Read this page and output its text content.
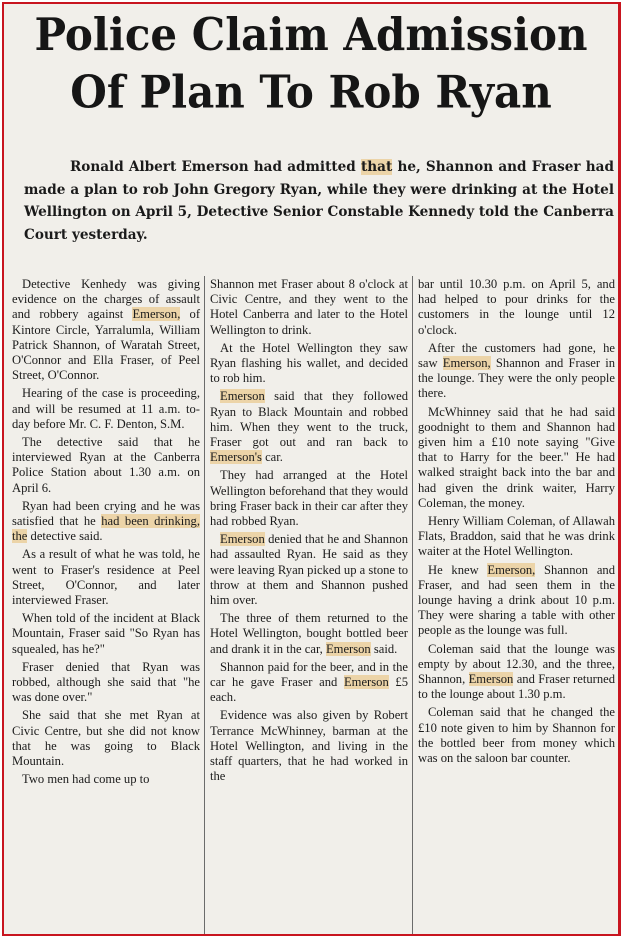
Police Claim Admission
Of Plan To Rob Ryan
Ronald Albert Emerson had admitted that he, Shannon and Fraser had made a plan to rob John Gregory Ryan, while they were drinking at the Hotel Wellington on April 5, Detective Senior Constable Kennedy told the Canberra Court yesterday.

Detective Kenhedy was giving evidence on the charges of assault and robbery against Emerson, of Kintore Circle, Yarralumla, William Patrick Shannon, of Waratah Street, O'Connor and Ella Fraser, of Peel Street, O'Connor.

Hearing of the case is proceeding, and will be resumed at 11 a.m. to-day before Mr. C. F. Denton, S.M.

The detective said that he interviewed Ryan at the Canberra Police Station about 1.30 a.m. on April 6.

Ryan had been crying and he was satisfied that he had been drinking, the detective said.

As a result of what he was told, he went to Fraser's residence at Peel Street, O'Connor, and later interviewed Fraser.

When told of the incident at Black Mountain, Fraser said "So Ryan has squealed, has he?"

Fraser denied that Ryan was robbed, although she said that "he was done over."

She said that she met Ryan at Civic Centre, but she did not know that he was going to Black Mountain.

Two men had come up to

Shannon met Fraser about 8 o'clock at Civic Centre, and they went to the Hotel Canberra and later to the Hotel Wellington to drink.

At the Hotel Wellington they saw Ryan flashing his wallet, and decided to rob him.

Emerson said that they followed Ryan to Black Mountain and robbed him. When they went to the truck, Fraser got out and ran back to Emerson's car.

They had arranged at the Hotel Wellington beforehand that they would bring Fraser back in their car after they had robbed Ryan.

Emerson denied that he and Shannon had assaulted Ryan. He said as they were leaving Ryan picked up a stone to throw at them and Shannon pushed him over.

The three of them returned to the Hotel Wellington, bought bottled beer and drank it in the car, Emerson said.

Shannon paid for the beer, and in the car he gave Fraser and Emerson £5 each.

Evidence was also given by Robert Terrance McWhinney, barman at the Hotel Wellington, and living in the staff quarters, that he had worked in the

bar until 10.30 p.m. on April 5, and had helped to pour drinks for the customers in the lounge until 12 o'clock.

After the customers had gone, he saw Emerson, Shannon and Fraser in the lounge. They were the only people there.

McWhinney said that he had said goodnight to them and Shannon had given him a £10 note saying "Give that to Harry for the beer." He had walked straight back into the bar and had given the drink waiter, Harry Coleman, the money.

Henry William Coleman, of Allawah Flats, Braddon, said that he was drink waiter at the Hotel Wellington.

He knew Emerson, Shannon and Fraser, and had seen them in the lounge having a drink about 10 p.m. They were sharing a table with other people as the lounge was full.

Coleman said that the lounge was empty by about 12.30, and the three, Shannon, Emerson and Fraser returned to the lounge about 1.30 p.m.

Coleman said that he changed the £10 note given to him by Shannon for the bottled beer from money which was on the saloon bar counter.
